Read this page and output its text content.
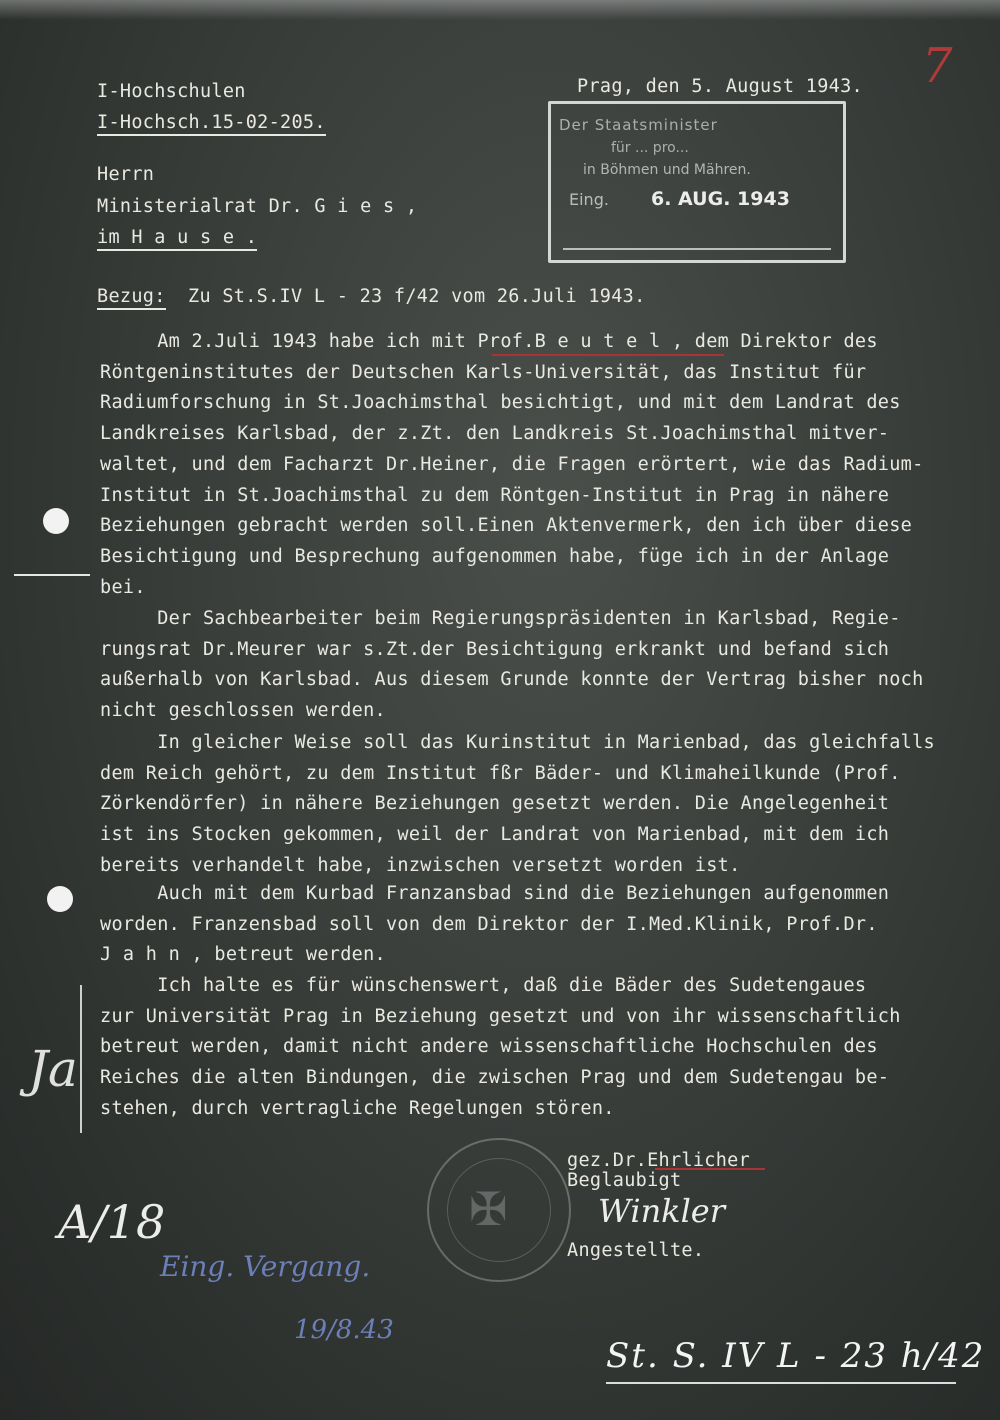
I-Hochschulen
I-Hochsch.15-02-205.
Prag, den 5. August 1943. 7
Der Staatsminister
für ... pro...
in Böhmen und Mähren.
Eing. 6. AUG. 1943
Herrn
Ministerialrat Dr. G i e s ,
im H a u s e .
Bezug: Zu St.S.IV L - 23 f/42 vom 26.Juli 1943.
Am 2.Juli 1943 habe ich mit Prof.B e u t e l , dem Direktor des
Röntgeninstitutes der Deutschen Karls-Universität, das Institut für
Radiumforschung in St.Joachimsthal besichtigt, und mit dem Landrat des
Landkreises Karlsbad, der z.Zt. den Landkreis St.Joachimsthal mitver-
waltet, und dem Facharzt Dr.Heiner, die Fragen erörtert, wie das Radium-
Institut in St.Joachimsthal zu dem Röntgen-Institut in Prag in nähere
Beziehungen gebracht werden soll.Einen Aktenvermerk, den ich über diese
Besichtigung und Besprechung aufgenommen habe, füge ich in der Anlage
bei.
Der Sachbearbeiter beim Regierungspräsidenten in Karlsbad, Regie-
rungsrat Dr.Meurer war s.Zt.der Besichtigung erkrankt und befand sich
außerhalb von Karlsbad. Aus diesem Grunde konnte der Vertrag bisher noch
nicht geschlossen werden.
In gleicher Weise soll das Kurinstitut in Marienbad, das gleichfalls
dem Reich gehört, zu dem Institut fßr Bäder- und Klimaheilkunde (Prof.
Zörkendörfer) in nähere Beziehungen gesetzt werden. Die Angelegenheit
ist ins Stocken gekommen, weil der Landrat von Marienbad, mit dem ich
bereits verhandelt habe, inzwischen versetzt worden ist.
Auch mit dem Kurbad Franzansbad sind die Beziehungen aufgenommen
worden. Franzensbad soll von dem Direktor der I.Med.Klinik, Prof.Dr.
J a h n , betreut werden.
Ich halte es für wünschenswert, daß die Bäder des Sudetengaues
zur Universität Prag in Beziehung gesetzt und von ihr wissenschaftlich
betreut werden, damit nicht andere wissenschaftliche Hochschulen des
Reiches die alten Bindungen, die zwischen Prag und dem Sudetengau be-
stehen, durch vertragliche Regelungen stören.
gez.Dr.Ehrlicher
Beglaubigt
Winkler
Angestellte.
✠
Ja
A/18
Eing. Vergang.
19/8.43
St. S. IV L - 23 h/42
